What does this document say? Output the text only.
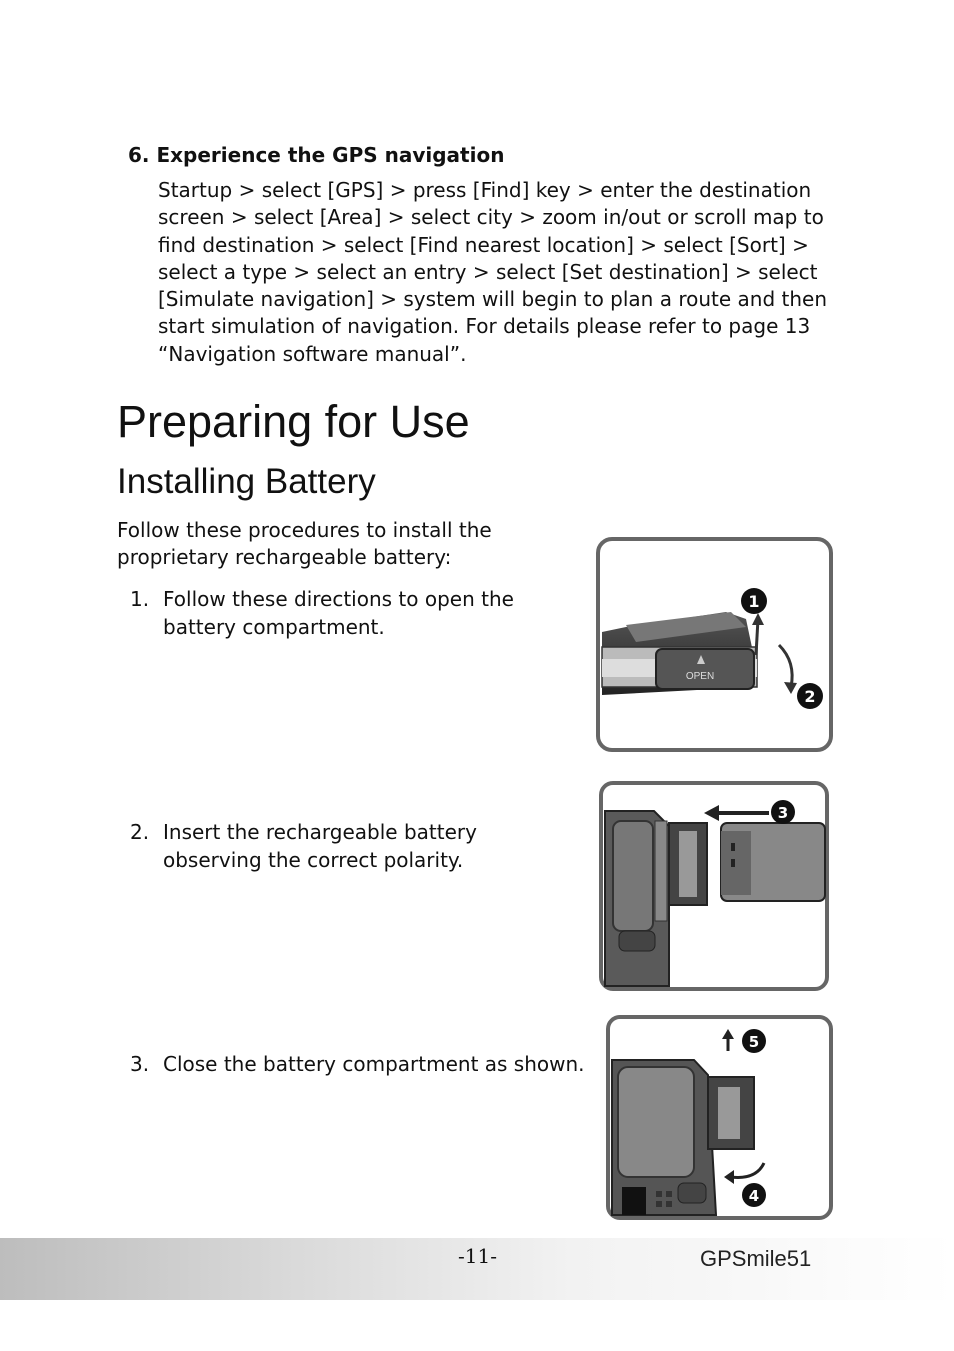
6. Experience the GPS navigation
Startup > select [GPS] > press [Find] key > enter the destination
screen > select [Area] > select city > zoom in/out or scroll map to
find destination > select [Find nearest location] > select [Sort] >
select a type > select an entry > select [Set destination] > select
[Simulate navigation] > system will begin to plan a route and then
start simulation of navigation. For details please refer to page 13
“Navigation software manual”.
Preparing for Use
Installing Battery
Follow these procedures to install the
proprietary rechargeable battery:
1. Follow these directions to open the
battery compartment.
2. Insert the rechargeable battery
observing the correct polarity.
3. Close the battery compartment as shown.
OPEN
1
2
3
5
4
-11-	GPSmile51
